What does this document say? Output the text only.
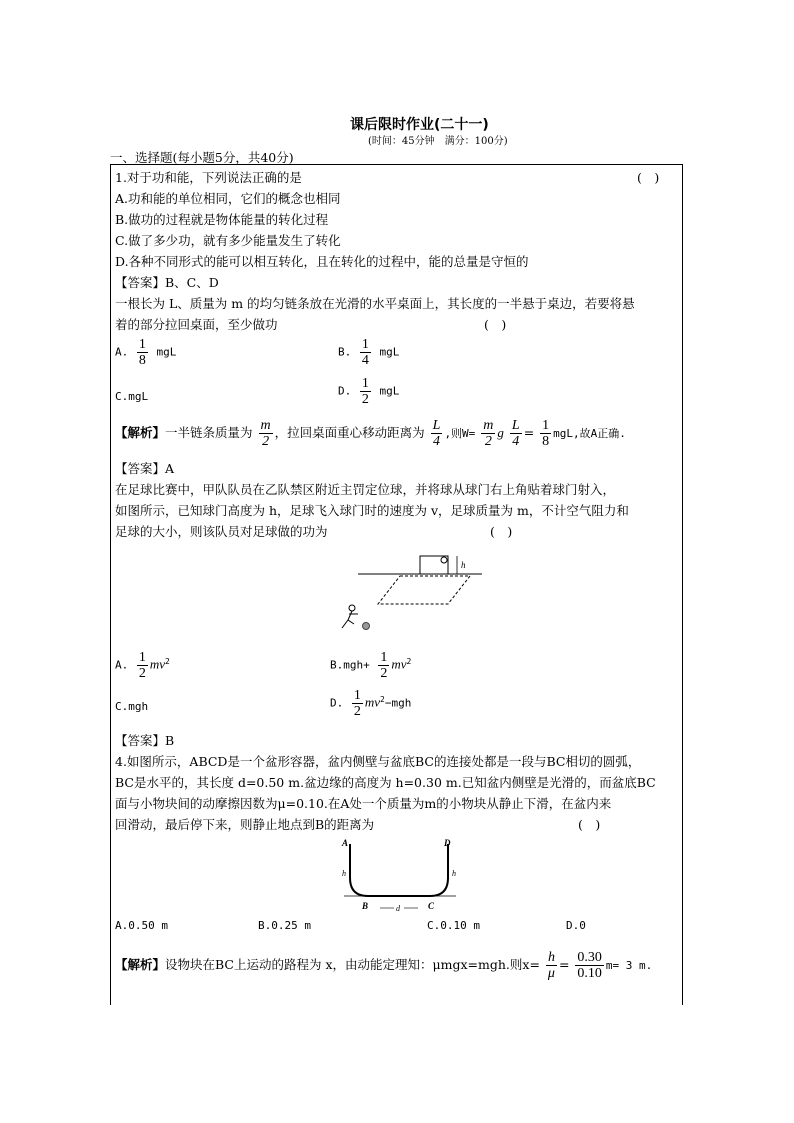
课后限时作业(二十一)
(时间：45分钟　满分：100分)
一、选择题(每小题5分，共40分)
1.对于功和能，下列说法正确的是	(　)
A.功和能的单位相同，它们的概念也相同
B.做功的过程就是物体能量的转化过程
C.做了多少功，就有多少能量发生了转化
D.各种不同形式的能可以相互转化，且在转化的过程中，能的总量是守恒的
【答案】B、C、D
一根长为 L、质量为 m 的均匀链条放在光滑的水平桌面上，其长度的一半悬于桌边，若要将悬
着的部分拉回桌面，至少做功	(　)
A. $\frac{1}{8}$ mgL	B. $\frac{1}{4}$ mgL
C.mgL	D. $\frac{1}{2}$ mgL
【解析】一半链条质量为 $\frac{m}{2}$ ，拉回桌面重心移动距离为 $\frac{L}{4}$ ,则$W= \frac{m}{2}$ g $\frac{L}{4} = \frac{1}{8}$ mgL,故A正确.
【答案】A
在足球比赛中，甲队队员在乙队禁区附近主罚定位球，并将球从球门右上角贴着球门射入，
如图所示，已知球门高度为 h，足球飞入球门时的速度为 v，足球质量为 m，不计空气阻力和
足球的大小，则该队员对足球做的功为	(　)
h
A. $\frac{1}{2} mv^2$	$B.mgh+ \frac{1}{2} mv^2$
C.mgh	D. $\frac{1}{2} mv^2-mgh$
【答案】B
4.如图所示，ABCD是一个盆形容器，盆内侧壁与盆底BC的连接处都是一段与BC相切的圆弧，
BC是水平的，其长度 d=0.50 m.盆边缘的高度为 h=0.30 m.已知盆内侧壁是光滑的，而盆底BC
面与小物块间的动摩擦因数为μ=0.10.在A处一个质量为m的小物块从静止下滑，在盆内来
回滑动，最后停下来，则静止地点到B的距离为	(　)
A
B	C
D
h	h
d
A.0.50 m	B.0.25 m	C.0.10 m	D.0
【解析】设物块在BC上运动的路程为 x，由动能定理知：μmgx=mgh.则$x= \frac{h}{\mu} = \frac{0.30}{0.10} m= 3$ m.
